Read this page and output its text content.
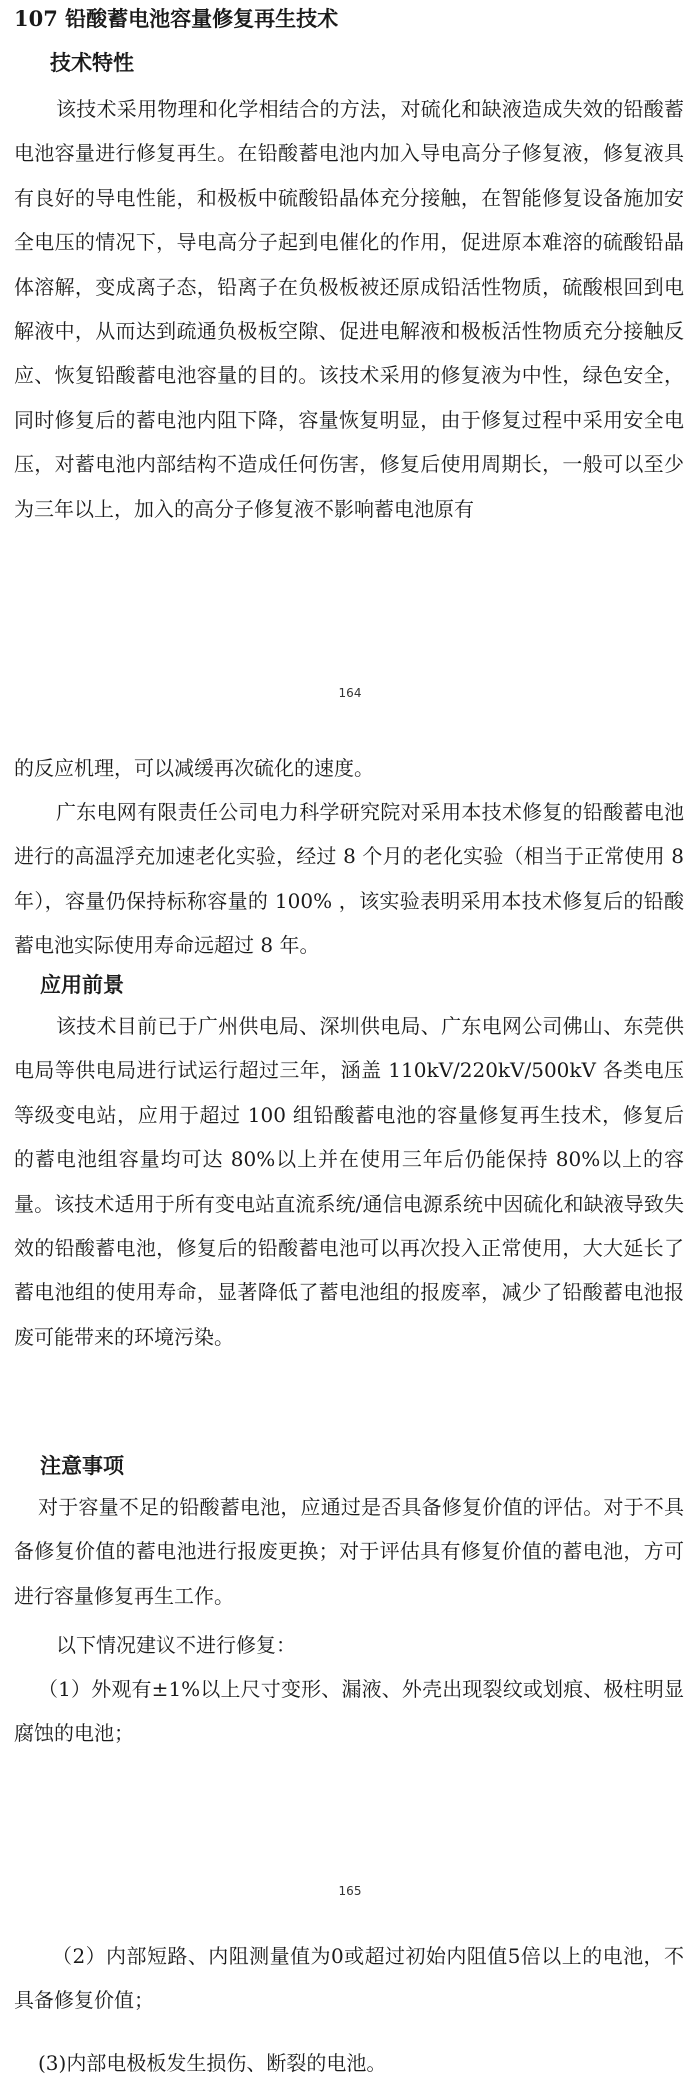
107 铅酸蓄电池容量修复再生技术
技术特性

该技术采用物理和化学相结合的方法，对硫化和缺液造成失效的铅酸蓄电池容量进行修复再生。在铅酸蓄电池内加入导电高分子修复液，修复液具有良好的导电性能，和极板中硫酸铅晶体充分接触，在智能修复设备施加安全电压的情况下，导电高分子起到电催化的作用，促进原本难溶的硫酸铅晶体溶解，变成离子态，铅离子在负极板被还原成铅活性物质，硫酸根回到电解液中，从而达到疏通负极板空隙、促进电解液和极板活性物质充分接触反应、恢复铅酸蓄电池容量的目的。该技术采用的修复液为中性，绿色安全，同时修复后的蓄电池内阻下降，容量恢复明显，由于修复过程中采用安全电压，对蓄电池内部结构不造成任何伤害，修复后使用周期长，一般可以至少为三年以上，加入的高分子修复液不影响蓄电池原有

164

的反应机理，可以减缓再次硫化的速度。

广东电网有限责任公司电力科学研究院对采用本技术修复的铅酸蓄电池进行的高温浮充加速老化实验，经过 8 个月的老化实验（相当于正常使用 8 年），容量仍保持标称容量的 100% ，该实验表明采用本技术修复后的铅酸蓄电池实际使用寿命远超过 8 年。

应用前景

该技术目前已于广州供电局、深圳供电局、广东电网公司佛山、东莞供电局等供电局进行试运行超过三年，涵盖 110kV/220kV/500kV 各类电压等级变电站，应用于超过 100 组铅酸蓄电池的容量修复再生技术，修复后的蓄电池组容量均可达 80%以上并在使用三年后仍能保持 80%以上的容量。该技术适用于所有变电站直流系统/通信电源系统中因硫化和缺液导致失效的铅酸蓄电池，修复后的铅酸蓄电池可以再次投入正常使用，大大延长了蓄电池组的使用寿命，显著降低了蓄电池组的报废率，减少了铅酸蓄电池报废可能带来的环境污染。

注意事项

对于容量不足的铅酸蓄电池，应通过是否具备修复价值的评估。对于不具备修复价值的蓄电池进行报废更换；对于评估具有修复价值的蓄电池，方可进行容量修复再生工作。

以下情况建议不进行修复：

（1）外观有±1%以上尺寸变形、漏液、外壳出现裂纹或划痕、极柱明显腐蚀的电池；

165

（2）内部短路、内阻测量值为0或超过初始内阻值5倍以上的电池，不具备修复价值；

(3)内部电极板发生损伤、断裂的电池。
